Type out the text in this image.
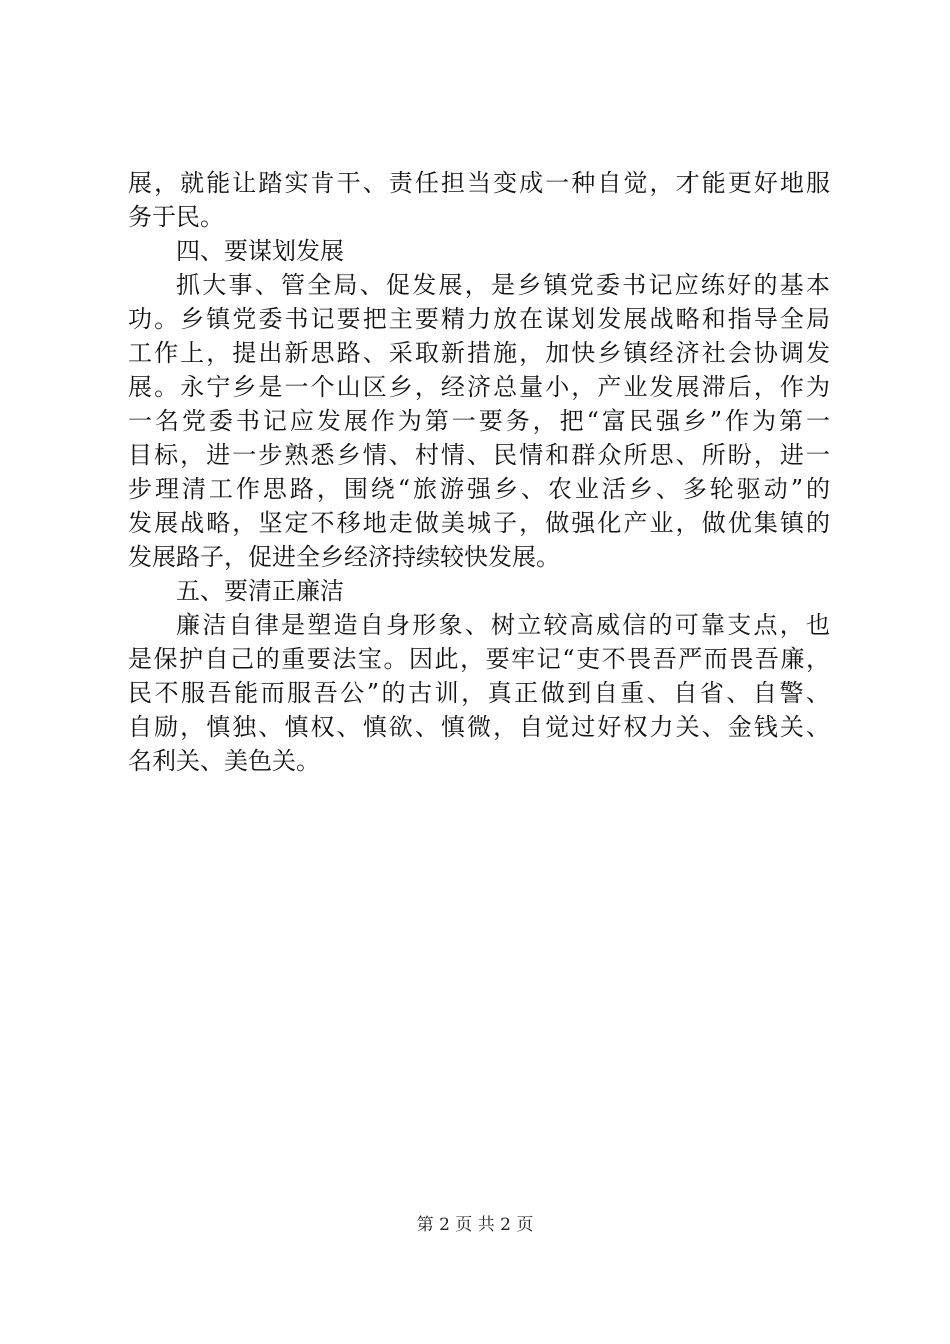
展，就能让踏实肯干、责任担当变成一种自觉，才能更好地服
务于民。
四、要谋划发展
抓大事、管全局、促发展，是乡镇党委书记应练好的基本
功。乡镇党委书记要把主要精力放在谋划发展战略和指导全局
工作上，提出新思路、采取新措施，加快乡镇经济社会协调发
展。永宁乡是一个山区乡，经济总量小，产业发展滞后，作为
一名党委书记应发展作为第一要务，把“富民强乡”作为第一
目标，进一步熟悉乡情、村情、民情和群众所思、所盼，进一
步理清工作思路，围绕“旅游强乡、农业活乡、多轮驱动”的
发展战略，坚定不移地走做美城子，做强化产业，做优集镇的
发展路子，促进全乡经济持续较快发展。
五、要清正廉洁
廉洁自律是塑造自身形象、树立较高威信的可靠支点，也
是保护自己的重要法宝。因此，要牢记“吏不畏吾严而畏吾廉，
民不服吾能而服吾公”的古训，真正做到自重、自省、自警、
自励，慎独、慎权、慎欲、慎微，自觉过好权力关、金钱关、
名利关、美色关。
第 2 页 共 2 页
